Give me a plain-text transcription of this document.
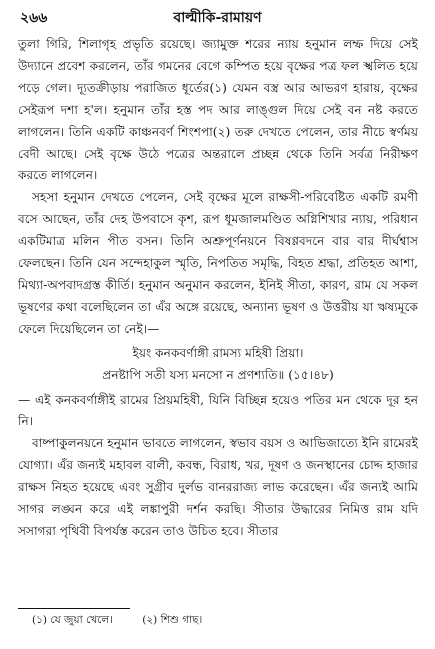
২৬৬	বাল্মীকি-রামায়ণ

তুলা গিরি, শিলাগৃহ প্রভৃতি রয়েছে। জ্যামুক্ত শরের ন্যায় হনুমান লম্ফ দিয়ে সেই উদ্যানে প্রবেশ করলেন, তাঁর গমনের বেগে কম্পিত হয়ে বৃক্ষের পত্র ফল স্খলিত হয়ে পড়ে গেল। দ্যূতক্রীড়ায় পরাজিত ধূর্তের(১) যেমন বস্ত্র আর আভরণ হারায়, বৃক্ষের সেইরূপ দশা হ'ল। হনুমান তাঁর হস্ত পদ আর লাঙ্গুল দিয়ে সেই বন নষ্ট করতে লাগলেন। তিনি একটি কাঞ্চনবর্ণ শিংশপা(২) তরু দেখতে পেলেন, তার নীচে স্বর্ণময় বেদী আছে। সেই বৃক্ষে উঠে পত্রের অন্তরালে প্রচ্ছন্ন থেকে তিনি সর্বত্র নিরীক্ষণ করতে লাগলেন।

সহসা হনুমান দেখতে পেলেন, সেই বৃক্ষের মূলে রাক্ষসী-পরিবেষ্টিত একটি রমণী বসে আছেন, তাঁর দেহ উপবাসে কৃশ, রূপ ধূমজালমণ্ডিত অগ্নিশিখার ন্যায়, পরিধান একটিমাত্র মলিন পীত বসন। তিনি অশ্রুপূর্ণনয়নে বিষণ্ণবদনে বার বার দীর্ঘশ্বাস ফেলছেন। তিনি যেন সন্দেহাকুল স্মৃতি, নিপতিত সমৃদ্ধি, বিহত শ্রদ্ধা, প্রতিহত আশা, মিথ্যা-অপবাদগ্রস্ত কীর্তি। হনুমান অনুমান করলেন, ইনিই সীতা, কারণ, রাম যে সকল ভূষণের কথা বলেছিলেন তা এঁর অঙ্গে রয়েছে, অন্যান্য ভূষণ ও উত্তরীয় যা ঋষ্যমূকে ফেলে দিয়েছিলেন তা নেই।—

ইয়ং কনকবর্ণাঙ্গী রামস্য মহিষী প্রিয়া।
প্রনষ্টাপি সতী যস্য মনসো ন প্রণশ্যতি॥ (১৫।৪৮)

— এই কনকবর্ণাঙ্গীই রামের প্রিয়মহিষী, যিনি বিচ্ছিন্ন হয়েও পতির মন থেকে দূর হন নি।

বাষ্পাকুলনয়নে হনুমান ভাবতে লাগলেন, স্বভাব বয়স ও আভিজাত্যে ইনি রামেরই যোগ্যা। এঁর জন্যই মহাবল বালী, কবন্ধ, বিরাধ, খর, দূষণ ও জনস্থানের চোদ্দ হাজার রাক্ষস নিহত হয়েছে এবং সুগ্রীব দুর্লভ বানররাজ্য লাভ করেছেন। এঁর জন্যই আমি সাগর লঙ্ঘন করে এই লঙ্কাপুরী দর্শন করছি। সীতার উদ্ধারের নিমিত্ত রাম যদি সসাগরা পৃথিবী বিপর্যস্ত করেন তাও উচিত হবে। সীতার

(১) যে জুয়া খেলে।	(২) শিশু গাছ।
